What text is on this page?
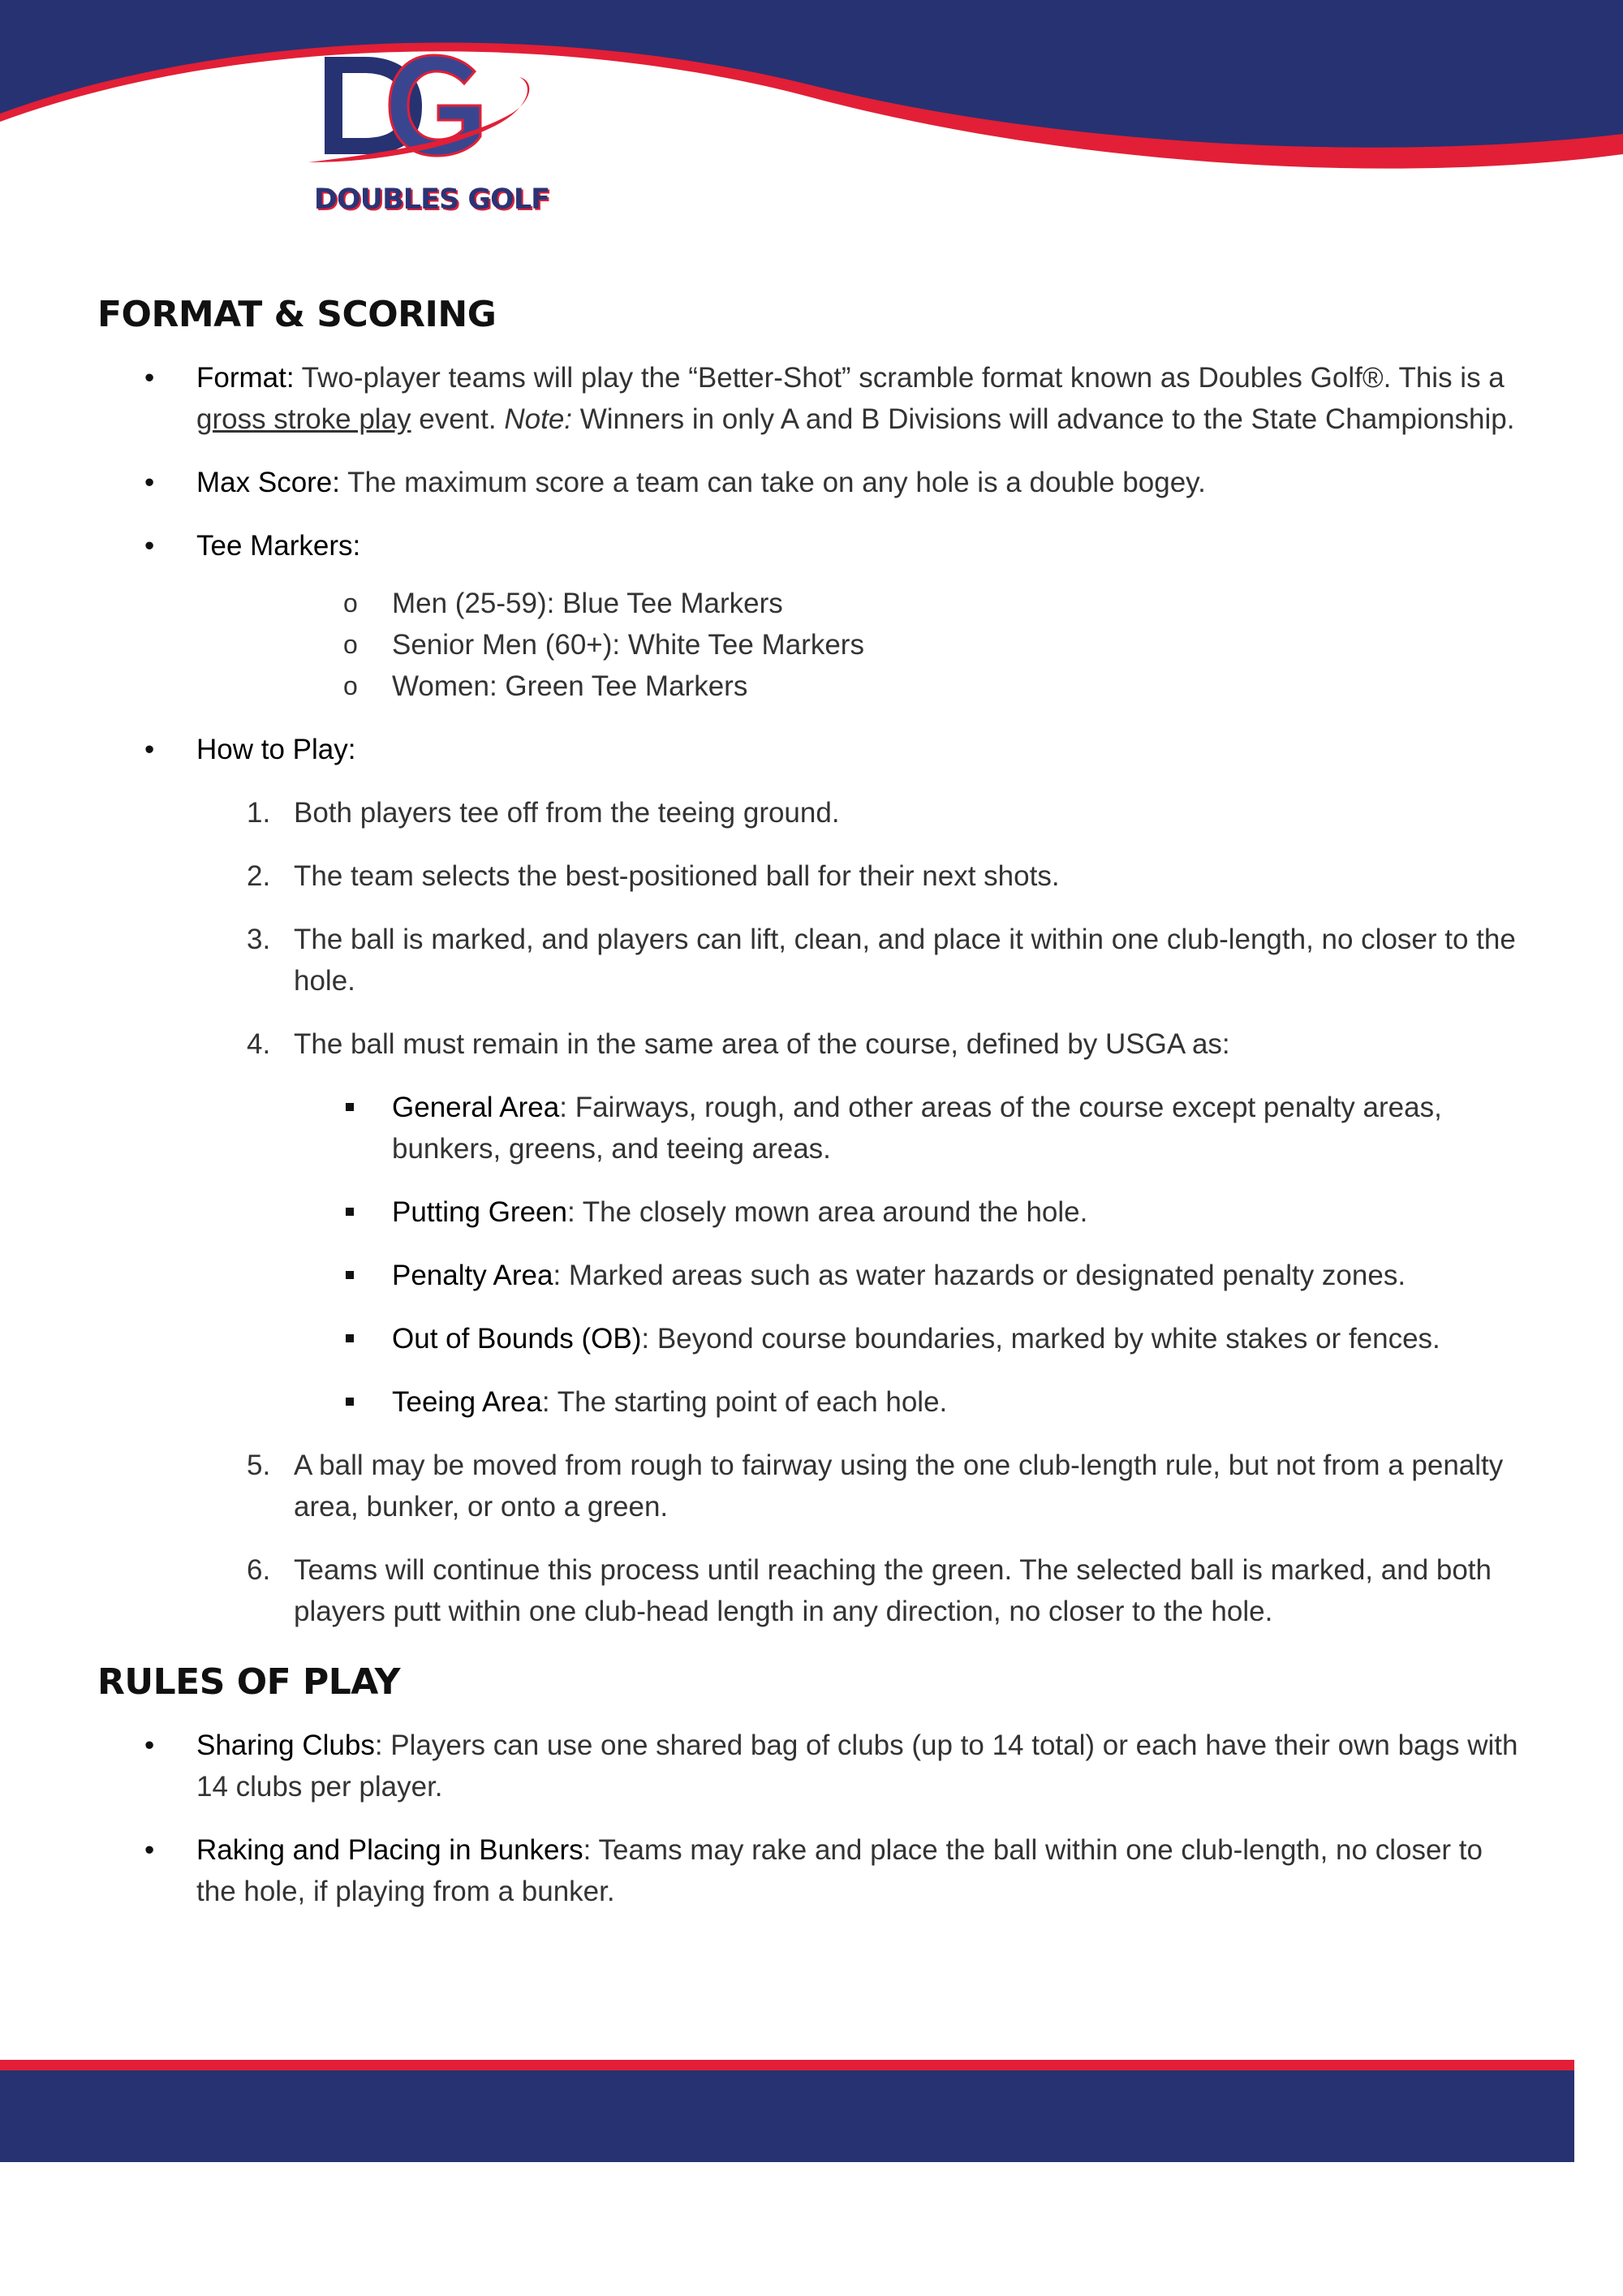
DOUBLES GOLF
FORMAT & SCORING
• Format: Two-player teams will play the “Better-Shot” scramble format known as Doubles Golf®. This is a gross stroke play event. Note: Winners in only A and B Divisions will advance to the State Championship.
• Max Score: The maximum score a team can take on any hole is a double bogey.
• Tee Markers:
o Men (25-59): Blue Tee Markers
o Senior Men (60+): White Tee Markers
o Women: Green Tee Markers
• How to Play:
1. Both players tee off from the teeing ground.
2. The team selects the best-positioned ball for their next shots.
3. The ball is marked, and players can lift, clean, and place it within one club-length, no closer to the hole.
4. The ball must remain in the same area of the course, defined by USGA as:
General Area: Fairways, rough, and other areas of the course except penalty areas, bunkers, greens, and teeing areas.
Putting Green: The closely mown area around the hole.
Penalty Area: Marked areas such as water hazards or designated penalty zones.
Out of Bounds (OB): Beyond course boundaries, marked by white stakes or fences.
Teeing Area: The starting point of each hole.
5. A ball may be moved from rough to fairway using the one club-length rule, but not from a penalty area, bunker, or onto a green.
6. Teams will continue this process until reaching the green. The selected ball is marked, and both players putt within one club-head length in any direction, no closer to the hole.
RULES OF PLAY
• Sharing Clubs: Players can use one shared bag of clubs (up to 14 total) or each have their own bags with 14 clubs per player.
• Raking and Placing in Bunkers: Teams may rake and place the ball within one club-length, no closer to the hole, if playing from a bunker.
